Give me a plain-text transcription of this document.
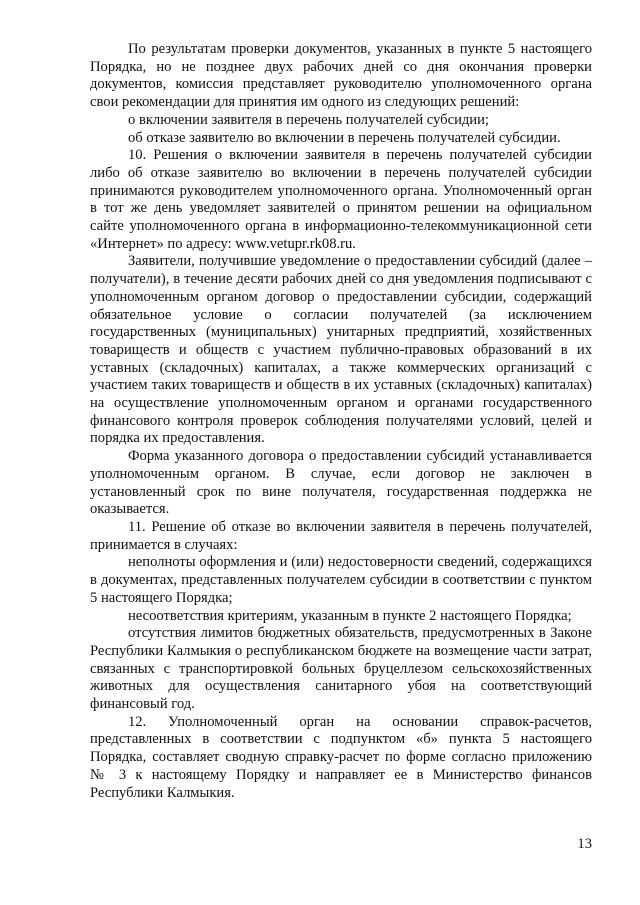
По результатам проверки документов, указанных в пункте 5 настоящего Порядка, но не позднее двух рабочих дней со дня окончания проверки документов, комиссия представляет руководителю уполномоченного органа свои рекомендации для принятия им одного из следующих решений:

о включении заявителя в перечень получателей субсидии;

об отказе заявителю во включении в перечень получателей субсидии.

10. Решения о включении заявителя в перечень получателей субсидии либо об отказе заявителю во включении в перечень получателей субсидии принимаются руководителем уполномоченного органа. Уполномоченный орган в тот же день уведомляет заявителей о принятом решении на официальном сайте уполномоченного органа в информационно-телекоммуникационной сети «Интернет» по адресу: www.vetupr.rk08.ru.

Заявители, получившие уведомление о предоставлении субсидий (далее – получатели), в течение десяти рабочих дней со дня уведомления подписывают с уполномоченным органом договор о предоставлении субсидии, содержащий обязательное условие о согласии получателей (за исключением государственных (муниципальных) унитарных предприятий, хозяйственных товариществ и обществ с участием публично-правовых образований в их уставных (складочных) капиталах, а также коммерческих организаций с участием таких товариществ и обществ в их уставных (складочных) капиталах) на осуществление уполномоченным органом и органами государственного финансового контроля проверок соблюдения получателями условий, целей и порядка их предоставления.

Форма указанного договора о предоставлении субсидий устанавливается уполномоченным органом. В случае, если договор не заключен в установленный срок по вине получателя, государственная поддержка не оказывается.

11. Решение об отказе во включении заявителя в перечень получателей, принимается в случаях:

неполноты оформления и (или) недостоверности сведений, содержащихся в документах, представленных получателем субсидии в соответствии с пунктом 5 настоящего Порядка;

несоответствия критериям, указанным в пункте 2 настоящего Порядка;

отсутствия лимитов бюджетных обязательств, предусмотренных в Законе Республики Калмыкия о республиканском бюджете на возмещение части затрат, связанных с транспортировкой больных бруцеллезом сельскохозяйственных животных для осуществления санитарного убоя на соответствующий финансовый год.

12. Уполномоченный орган на основании справок-расчетов, представленных в соответствии с подпунктом «б» пункта 5 настоящего Порядка, составляет сводную справку-расчет по форме согласно приложению № 3 к настоящему Порядку и направляет ее в Министерство финансов Республики Калмыкия.

13
